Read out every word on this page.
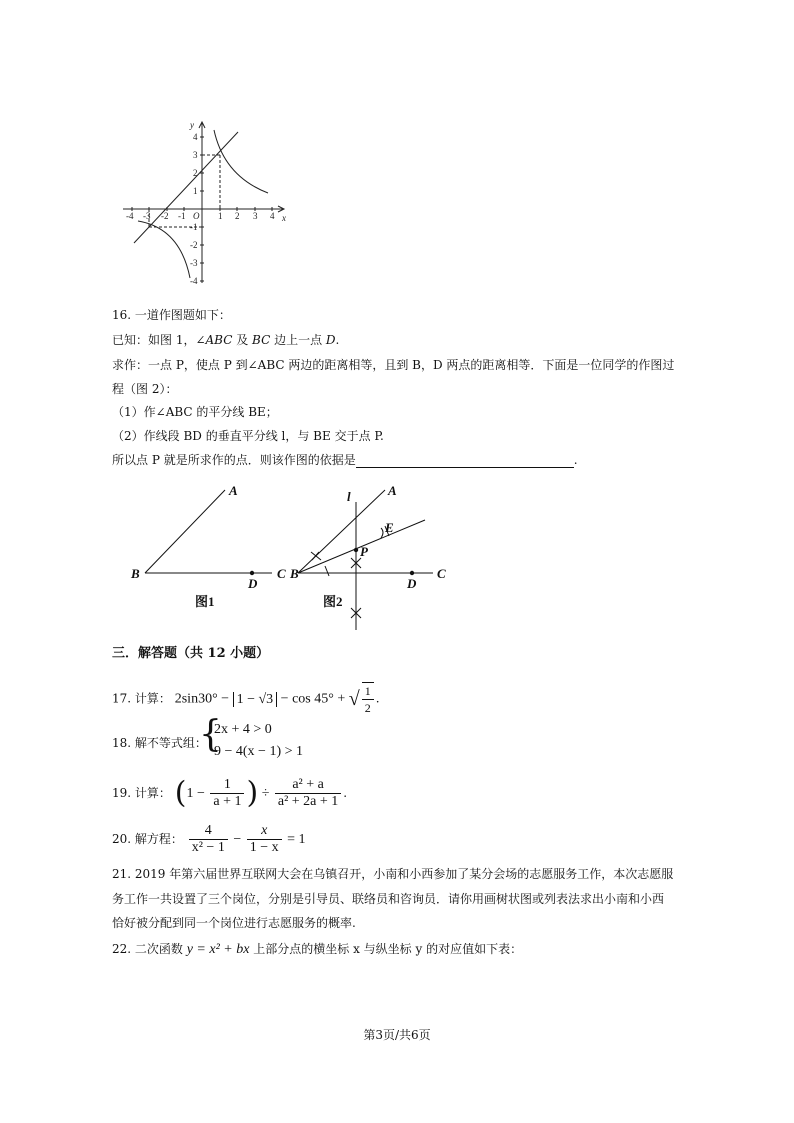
y
x
O
-4 -3 -2 -1	1 2 3 4
4
3
2
1
-1
-2
-3
-4
16. 一道作图题如下：
已知：如图 1，∠ABC 及 BC 边上一点 D.
求作：一点 P，使点 P 到∠ABC 两边的距离相等，且到 B，D 两点的距离相等．下面是一位同学的作图过
程（图 2）：
（1）作∠ABC 的平分线 BE；
（2）作线段 BD 的垂直平分线 l，与 BE 交于点 P.
所以点 P 就是所求作的点．则该作图的依据是	.
A
B	C
D
图1
l	A
E
P
B	C
D
图2
三．解答题（共 12 小题）
17. 计算： 2sin30° − 1 − √3 − cos 45° + √ $\frac{1}{2}$ .
18. 解不等式组：
{
2x + 4 > 0
9 − 4(x − 1) > 1
19. 计算： ($1 - \frac{1}{a + 1}$ ) ÷ $\frac{\text{a² + a}}{\text{a² + 2a + 1}}$ .
20. 解方程： $\frac{4}{\text{x² − 1}} - \frac{x}{1 - x} = 1$
21. 2019 年第六届世界互联网大会在乌镇召开，小南和小西参加了某分会场的志愿服务工作，本次志愿服
务工作一共设置了三个岗位，分别是引导员、联络员和咨询员．请你用画树状图或列表法求出小南和小西
恰好被分配到同一个岗位进行志愿服务的概率.
22. 二次函数 y = x² + bx 上部分点的横坐标 x 与纵坐标 y 的对应值如下表：
第3页/共6页
